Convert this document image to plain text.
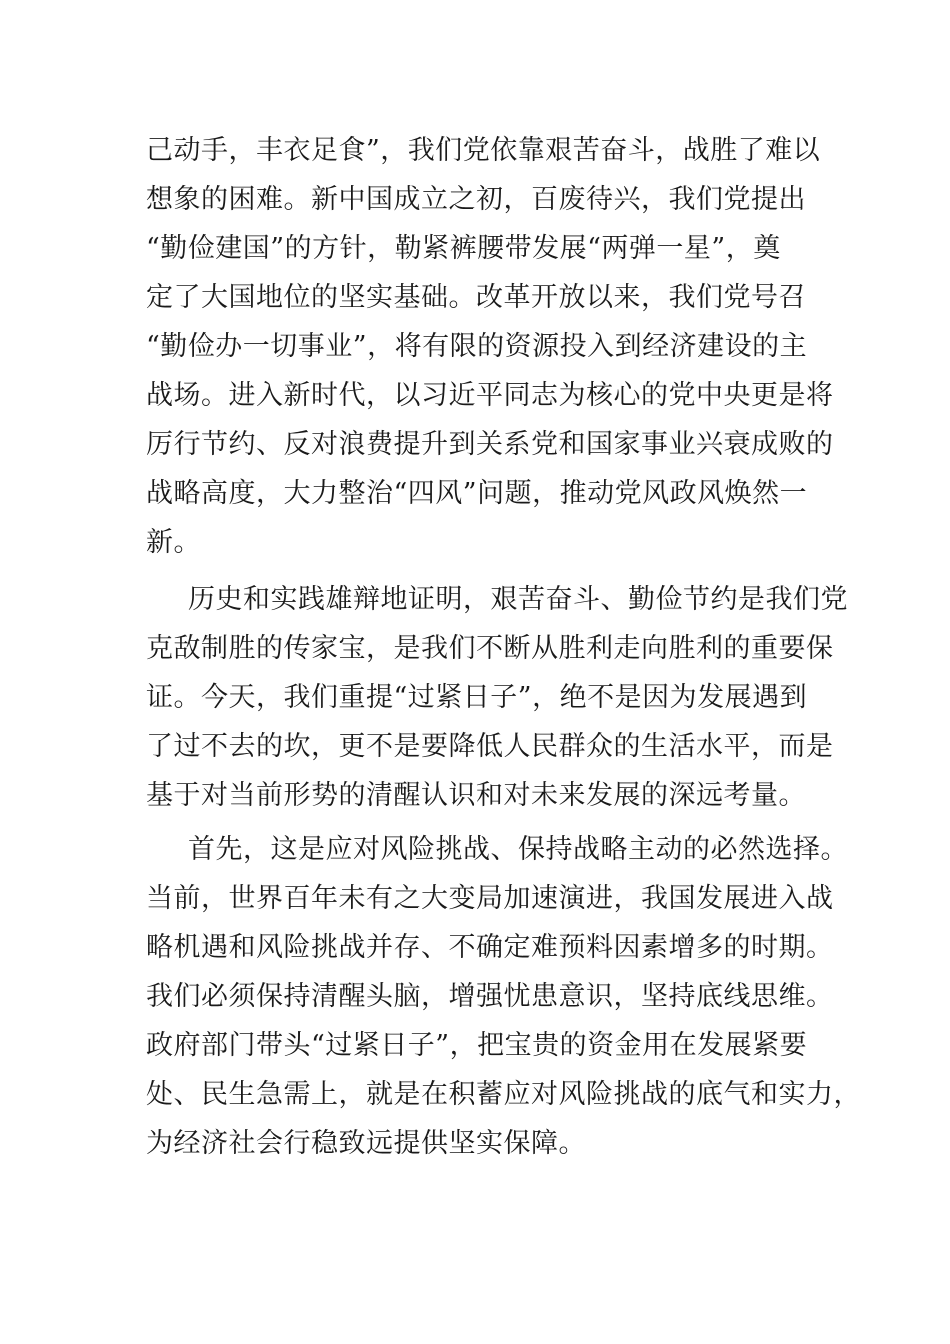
己动手，丰衣足食”，我们党依靠艰苦奋斗，战胜了难以
想象的困难。新中国成立之初，百废待兴，我们党提出
“勤俭建国”的方针，勒紧裤腰带发展“两弹一星”，奠
定了大国地位的坚实基础。改革开放以来，我们党号召
“勤俭办一切事业”，将有限的资源投入到经济建设的主
战场。进入新时代，以习近平同志为核心的党中央更是将
厉行节约、反对浪费提升到关系党和国家事业兴衰成败的
战略高度，大力整治“四风”问题，推动党风政风焕然一
新。
历史和实践雄辩地证明，艰苦奋斗、勤俭节约是我们党
克敌制胜的传家宝，是我们不断从胜利走向胜利的重要保
证。今天，我们重提“过紧日子”，绝不是因为发展遇到
了过不去的坎，更不是要降低人民群众的生活水平，而是
基于对当前形势的清醒认识和对未来发展的深远考量。
首先，这是应对风险挑战、保持战略主动的必然选择。
当前，世界百年未有之大变局加速演进，我国发展进入战
略机遇和风险挑战并存、不确定难预料因素增多的时期。
我们必须保持清醒头脑，增强忧患意识，坚持底线思维。
政府部门带头“过紧日子”，把宝贵的资金用在发展紧要
处、民生急需上，就是在积蓄应对风险挑战的底气和实力，
为经济社会行稳致远提供坚实保障。
